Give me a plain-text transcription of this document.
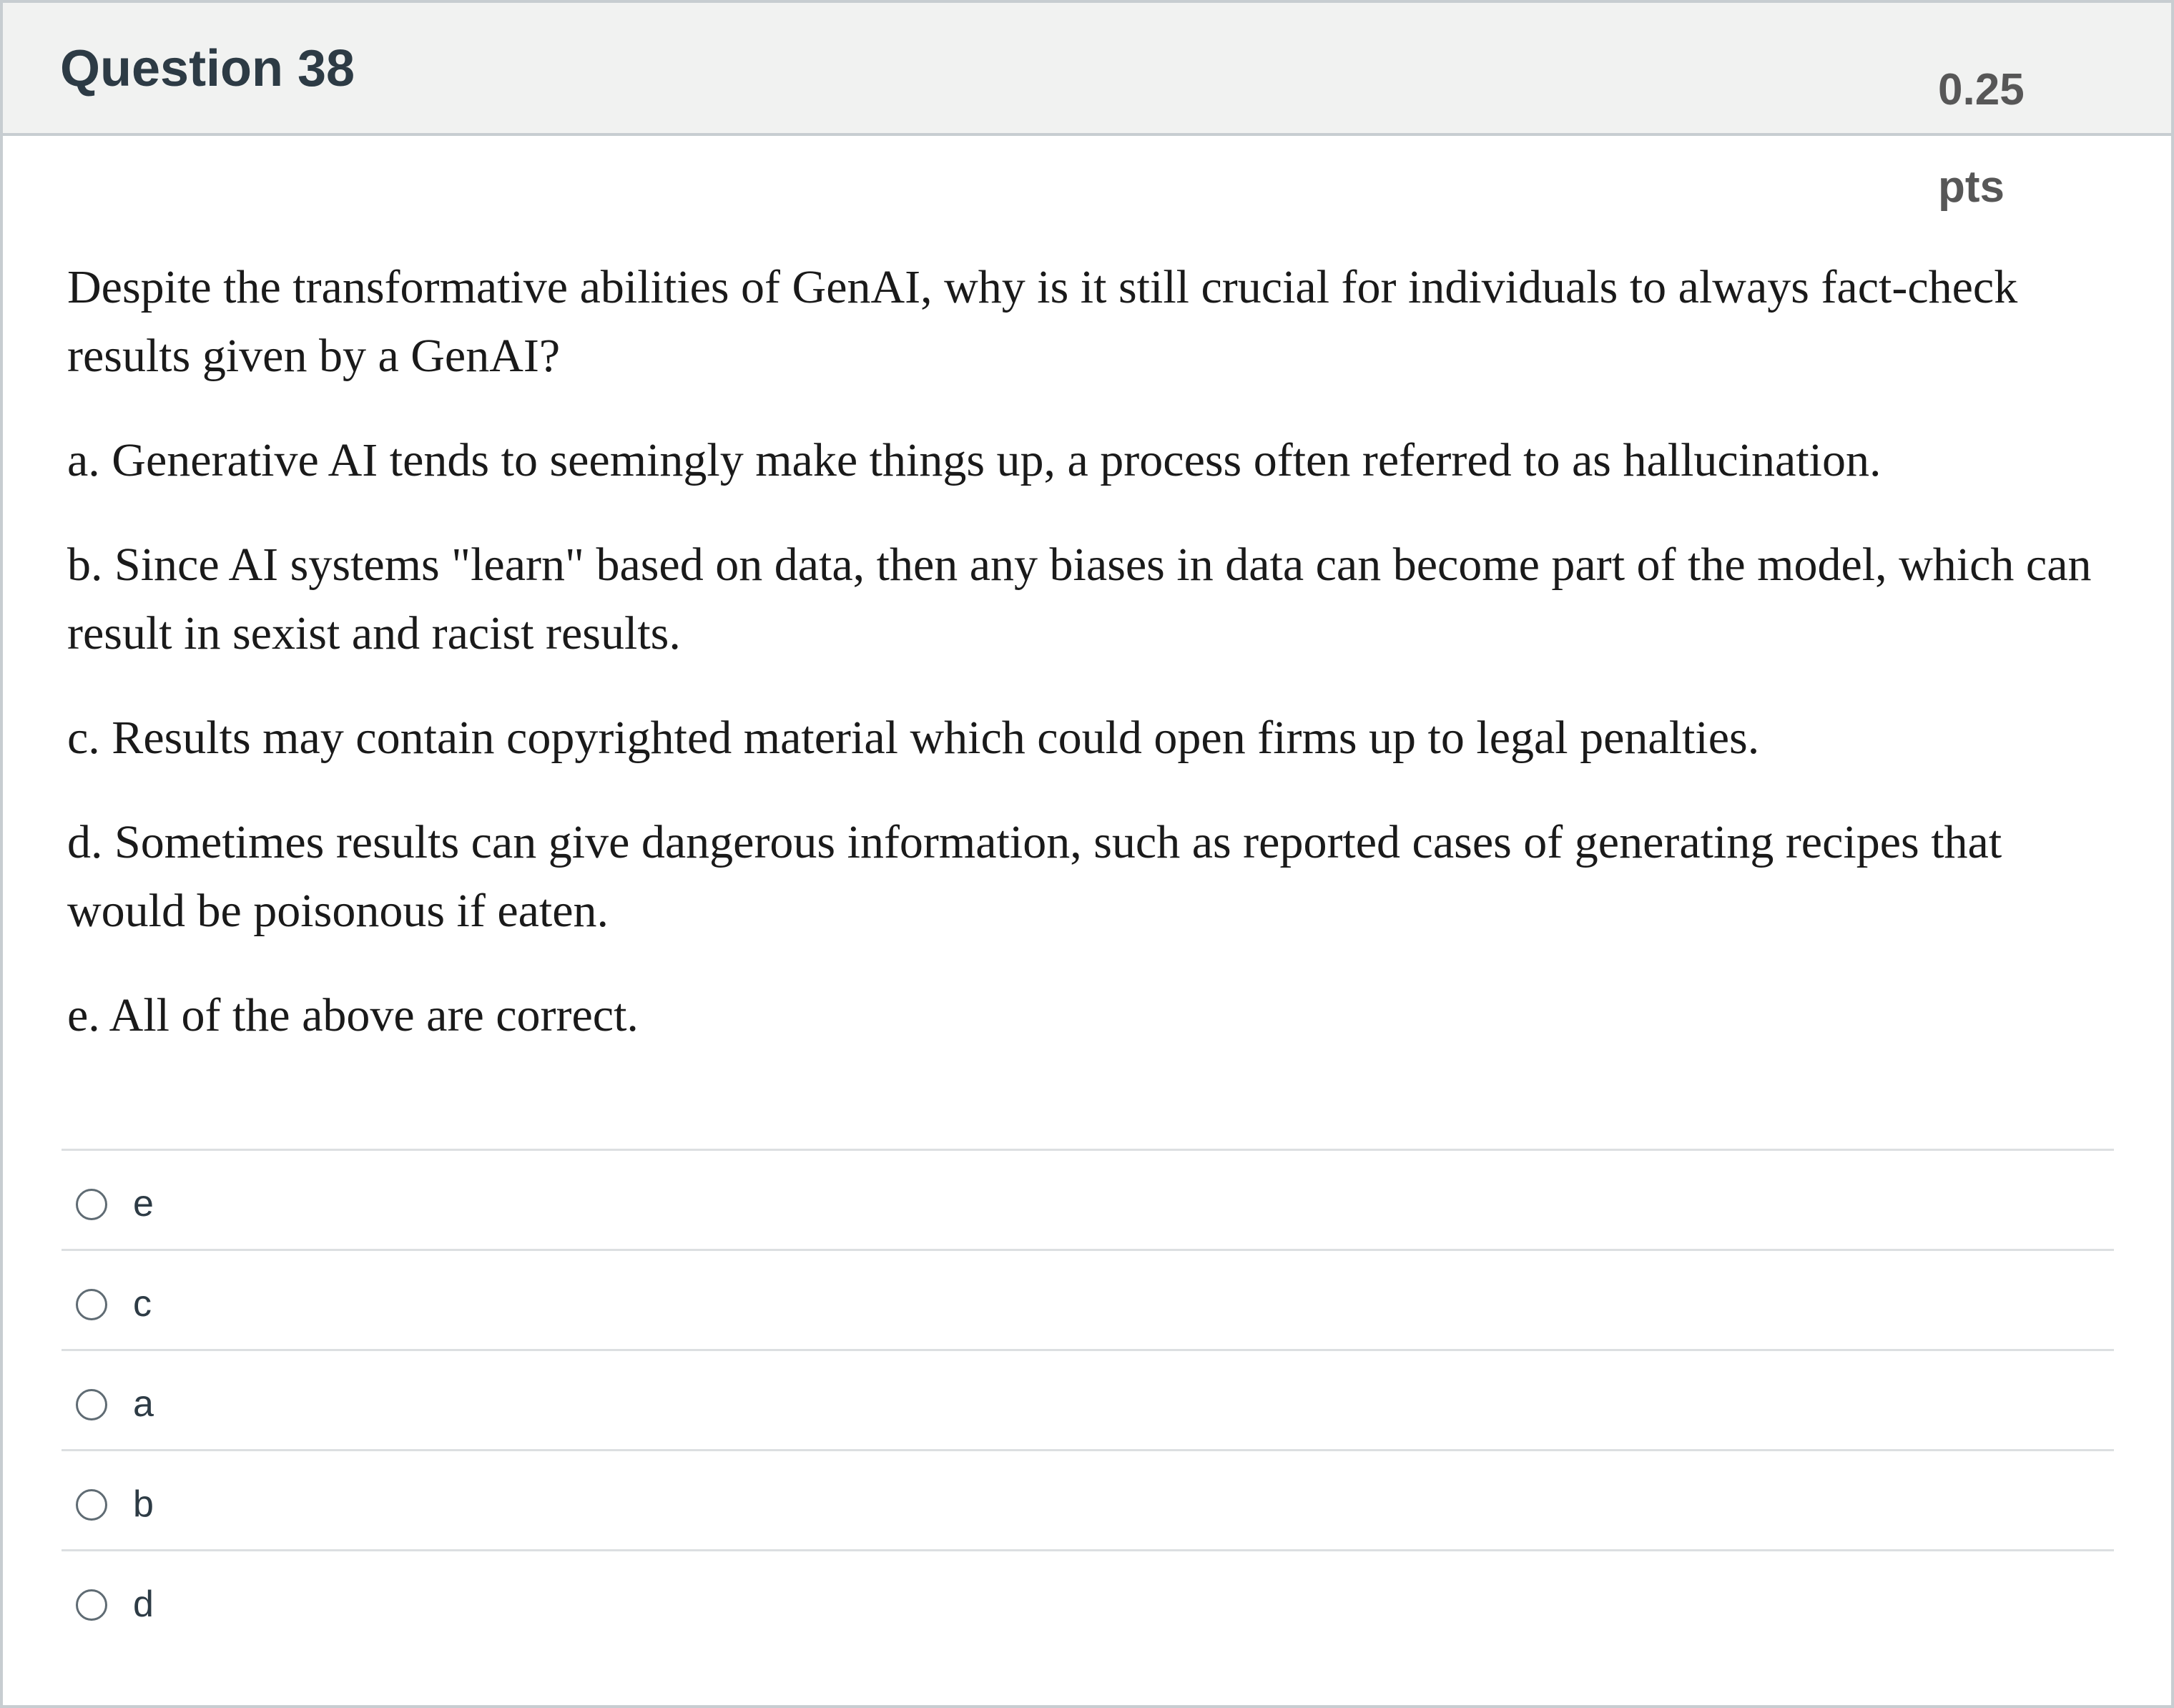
Question 38	0.25 pts

Despite the transformative abilities of GenAI, why is it still crucial for individuals to always fact-check results given by a GenAI?

a. Generative AI tends to seemingly make things up, a process often referred to as hallucination.

b. Since AI systems "learn" based on data, then any biases in data can become part of the model, which can result in sexist and racist results.

c. Results may contain copyrighted material which could open firms up to legal penalties.

d. Sometimes results can give dangerous information, such as reported cases of generating recipes that would be poisonous if eaten.

e. All of the above are correct.

e
c
a
b
d
